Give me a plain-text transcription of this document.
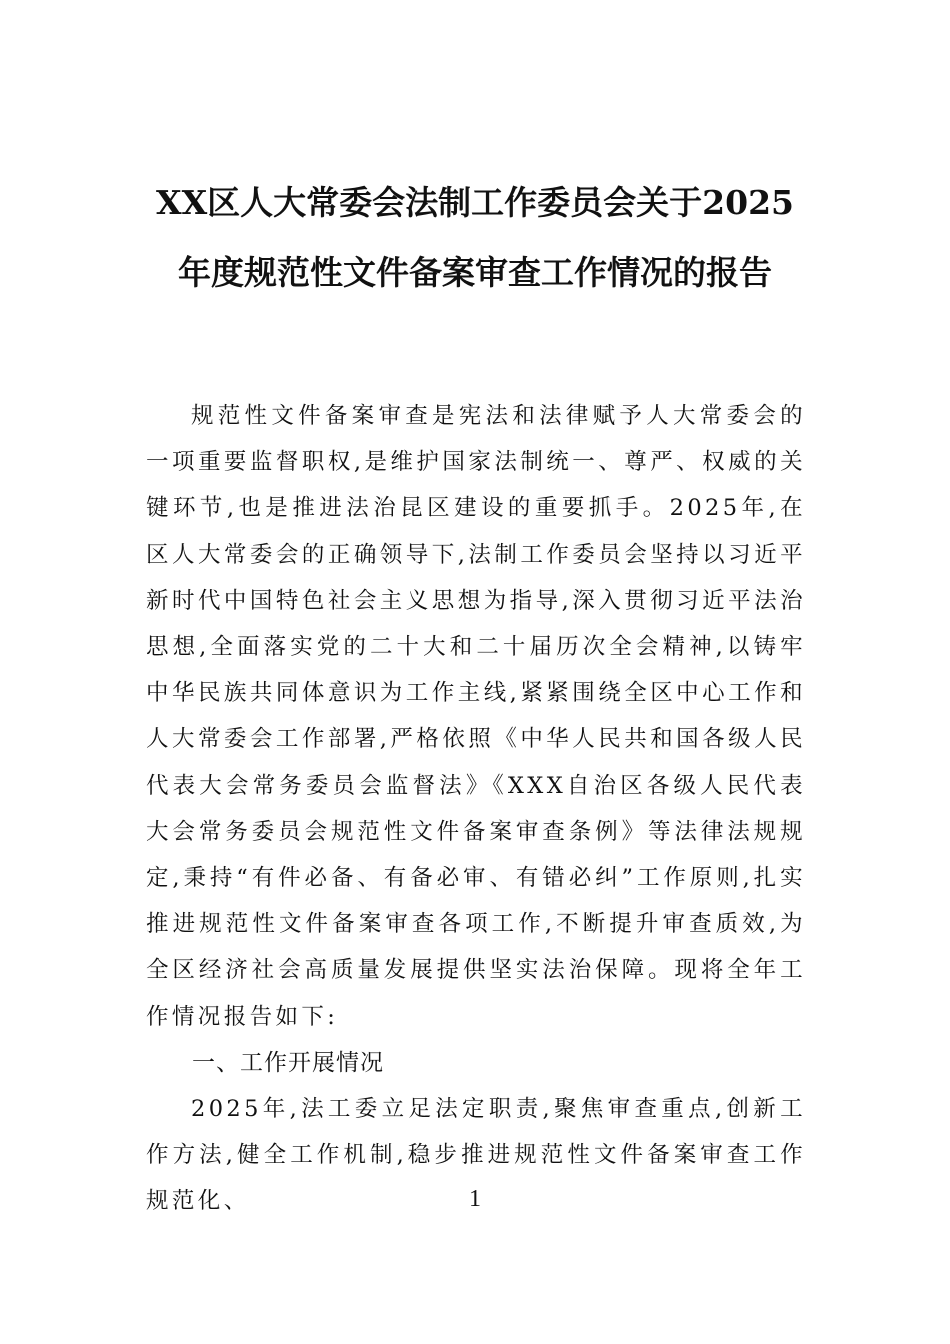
XX区人大常委会法制工作委员会关于2025
年度规范性文件备案审查工作情况的报告

规范性文件备案审查是宪法和法律赋予人大常委会的一项重要监督职权,是维护国家法制统一、尊严、权威的关键环节,也是推进法治昆区建设的重要抓手。2025年,在区人大常委会的正确领导下,法制工作委员会坚持以习近平新时代中国特色社会主义思想为指导,深入贯彻习近平法治思想,全面落实党的二十大和二十届历次全会精神,以铸牢中华民族共同体意识为工作主线,紧紧围绕全区中心工作和人大常委会工作部署,严格依照《中华人民共和国各级人民代表大会常务委员会监督法》《XXX自治区各级人民代表大会常务委员会规范性文件备案审查条例》等法律法规规定,秉持“有件必备、有备必审、有错必纠”工作原则,扎实推进规范性文件备案审查各项工作,不断提升审查质效,为全区经济社会高质量发展提供坚实法治保障。现将全年工作情况报告如下:

一、工作开展情况

2025年,法工委立足法定职责,聚焦审查重点,创新工作方法,健全工作机制,稳步推进规范性文件备案审查工作规范化、	1
